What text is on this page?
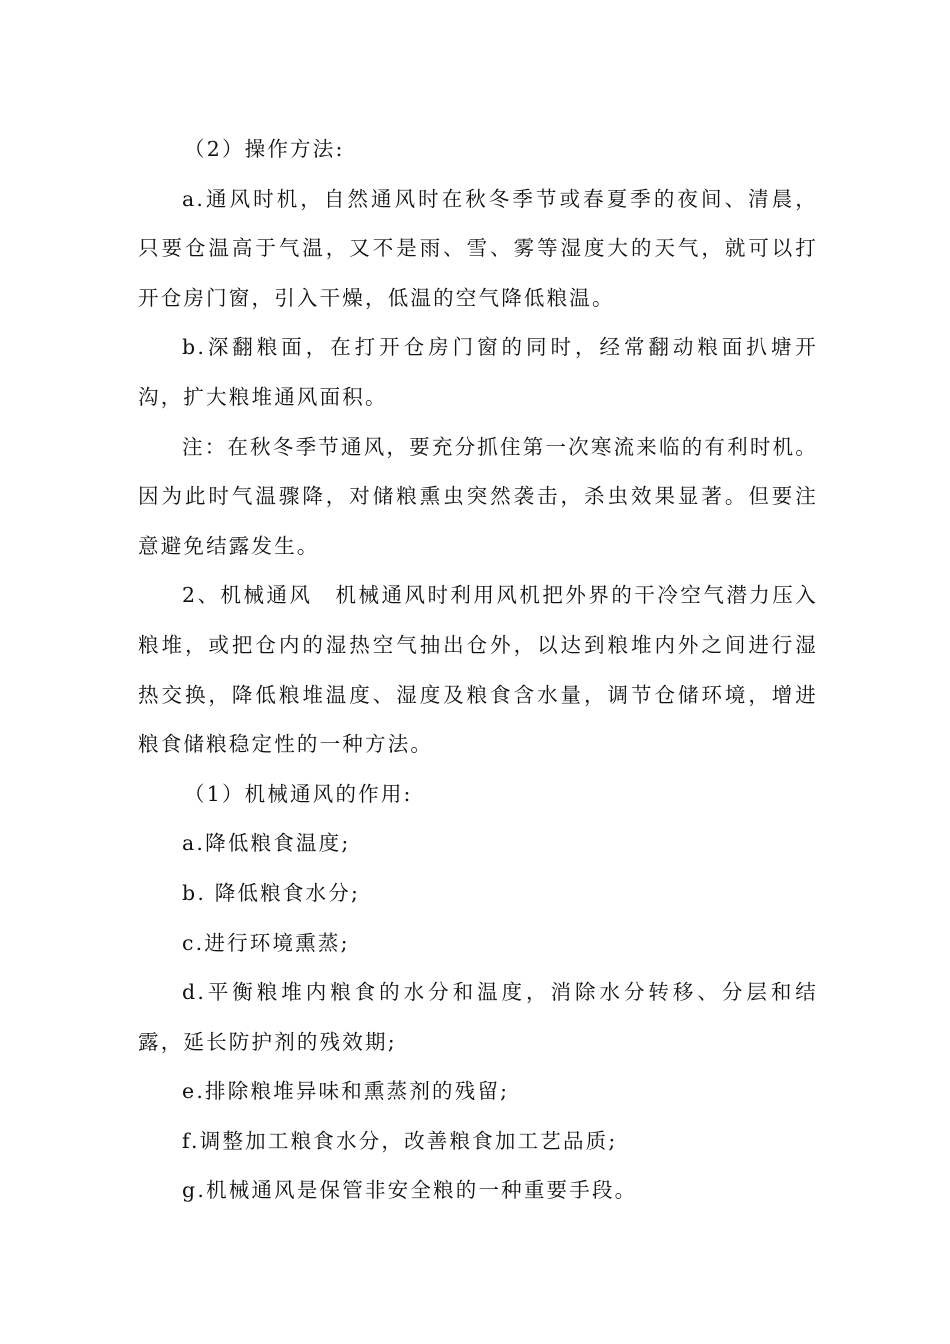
（2）操作方法:

a.通风时机，自然通风时在秋冬季节或春夏季的夜间、清晨，只要仓温高于气温，又不是雨、雪、雾等湿度大的天气，就可以打开仓房门窗，引入干燥，低温的空气降低粮温。

b.深翻粮面，在打开仓房门窗的同时，经常翻动粮面扒塘开沟，扩大粮堆通风面积。

注：在秋冬季节通风，要充分抓住第一次寒流来临的有利时机。因为此时气温骤降，对储粮熏虫突然袭击，杀虫效果显著。但要注意避免结露发生。

2、机械通风　机械通风时利用风机把外界的干冷空气潜力压入粮堆，或把仓内的湿热空气抽出仓外，以达到粮堆内外之间进行湿热交换，降低粮堆温度、湿度及粮食含水量，调节仓储环境，增进粮食储粮稳定性的一种方法。

（1）机械通风的作用:

a.降低粮食温度;

b. 降低粮食水分;

c.进行环境熏蒸;

d.平衡粮堆内粮食的水分和温度，消除水分转移、分层和结露，延长防护剂的残效期;

e.排除粮堆异味和熏蒸剂的残留;

f.调整加工粮食水分，改善粮食加工艺品质;

g.机械通风是保管非安全粮的一种重要手段。
